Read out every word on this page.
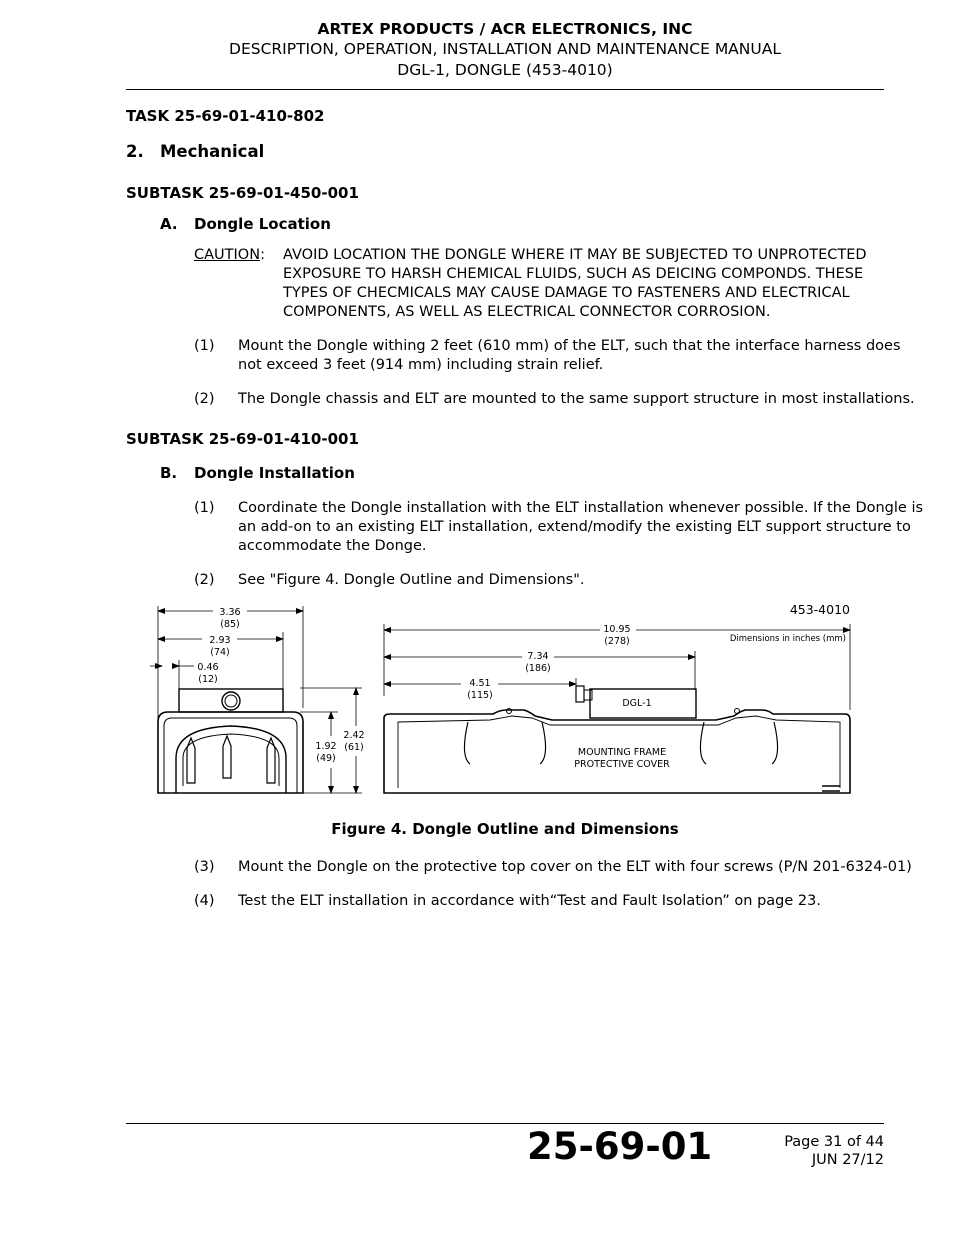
ARTEX PRODUCTS / ACR ELECTRONICS, INC
DESCRIPTION, OPERATION, INSTALLATION AND MAINTENANCE MANUAL
DGL-1, DONGLE (453-4010)
TASK 25-69-01-410-802
2. Mechanical
SUBTASK 25-69-01-450-001
A. Dongle Location
CAUTION: AVOID LOCATION THE DONGLE WHERE IT MAY BE SUBJECTED TO UNPROTECTED
EXPOSURE TO HARSH CHEMICAL FLUIDS, SUCH AS DEICING COMPONDS. THESE
TYPES OF CHECMICALS MAY CAUSE DAMAGE TO FASTENERS AND ELECTRICAL
COMPONENTS, AS WELL AS ELECTRICAL CONNECTOR CORROSION.
(1) Mount the Dongle withing 2 feet (610 mm) of the ELT, such that the interface harness does
not exceed 3 feet (914 mm) including strain relief.
(2) The Dongle chassis and ELT are mounted to the same support structure in most installations.
SUBTASK 25-69-01-410-001
B. Dongle Installation
(1) Coordinate the Dongle installation with the ELT installation whenever possible. If the Dongle is
an add-on to an existing ELT installation, extend/modify the existing ELT support structure to
accommodate the Donge.
(2) See "Figure 4. Dongle Outline and Dimensions".
3.36
(85)
2.93
(74)
0.46
(12)
1.92
(49)
2.42
(61)
10.95
(278)
7.34
(186)
4.51
(115)
DGL-1
MOUNTING FRAME
PROTECTIVE COVER
453-4010
Dimensions in inches (mm)
Figure 4. Dongle Outline and Dimensions
(3) Mount the Dongle on the protective top cover on the ELT with four screws (P/N 201-6324-01)
(4) Test the ELT installation in accordance with“Test and Fault Isolation” on page 23.
25-69-01	Page 31 of 44
JUN 27/12
